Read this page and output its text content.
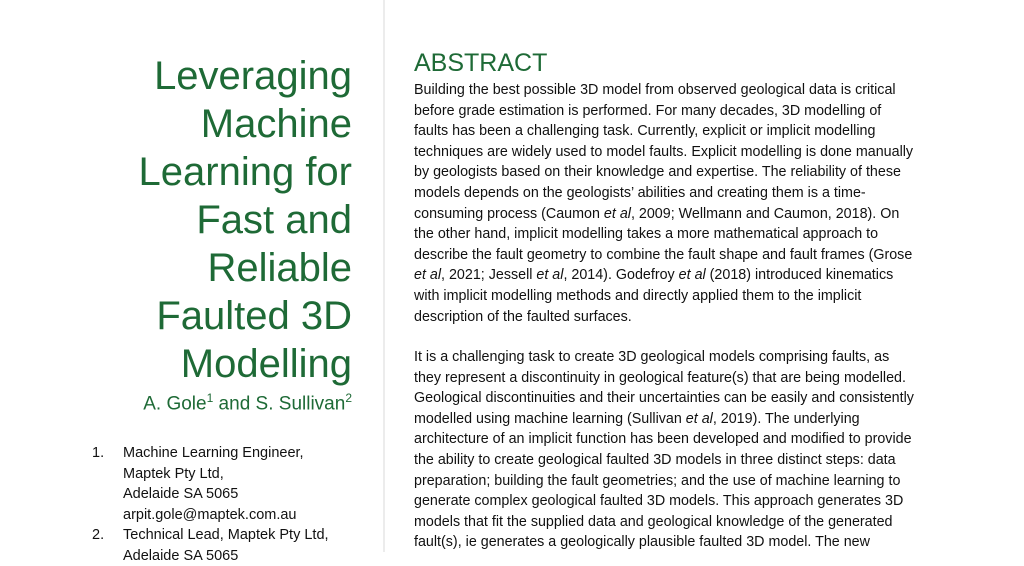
Leveraging
Machine
Learning for
Fast and
Reliable
Faulted 3D
Modelling
A. Gole$^1$ and S. Sullivan$^2$
1. Machine Learning Engineer,
Maptek Pty Ltd,
Adelaide SA 5065
arpit.gole@maptek.com.au
2. Technical Lead, Maptek Pty Ltd,
Adelaide SA 5065
ABSTRACT
Building the best possible 3D model from observed geological data is critical
before grade estimation is performed. For many decades, 3D modelling of
faults has been a challenging task. Currently, explicit or implicit modelling
techniques are widely used to model faults. Explicit modelling is done manually
by geologists based on their knowledge and expertise. The reliability of these
models depends on the geologists’ abilities and creating them is a time-
consuming process (Caumon et al, 2009; Wellmann and Caumon, 2018). On
the other hand, implicit modelling takes a more mathematical approach to
describe the fault geometry to combine the fault shape and fault frames (Grose
et al, 2021; Jessell et al, 2014). Godefroy et al (2018) introduced kinematics
with implicit modelling methods and directly applied them to the implicit
description of the faulted surfaces.
It is a challenging task to create 3D geological models comprising faults, as
they represent a discontinuity in geological feature(s) that are being modelled.
Geological discontinuities and their uncertainties can be easily and consistently
modelled using machine learning (Sullivan et al, 2019). The underlying
architecture of an implicit function has been developed and modified to provide
the ability to create geological faulted 3D models in three distinct steps: data
preparation; building the fault geometries; and the use of machine learning to
generate complex geological faulted 3D models. This approach generates 3D
models that fit the supplied data and geological knowledge of the generated
fault(s), ie generates a geologically plausible faulted 3D model. The new
